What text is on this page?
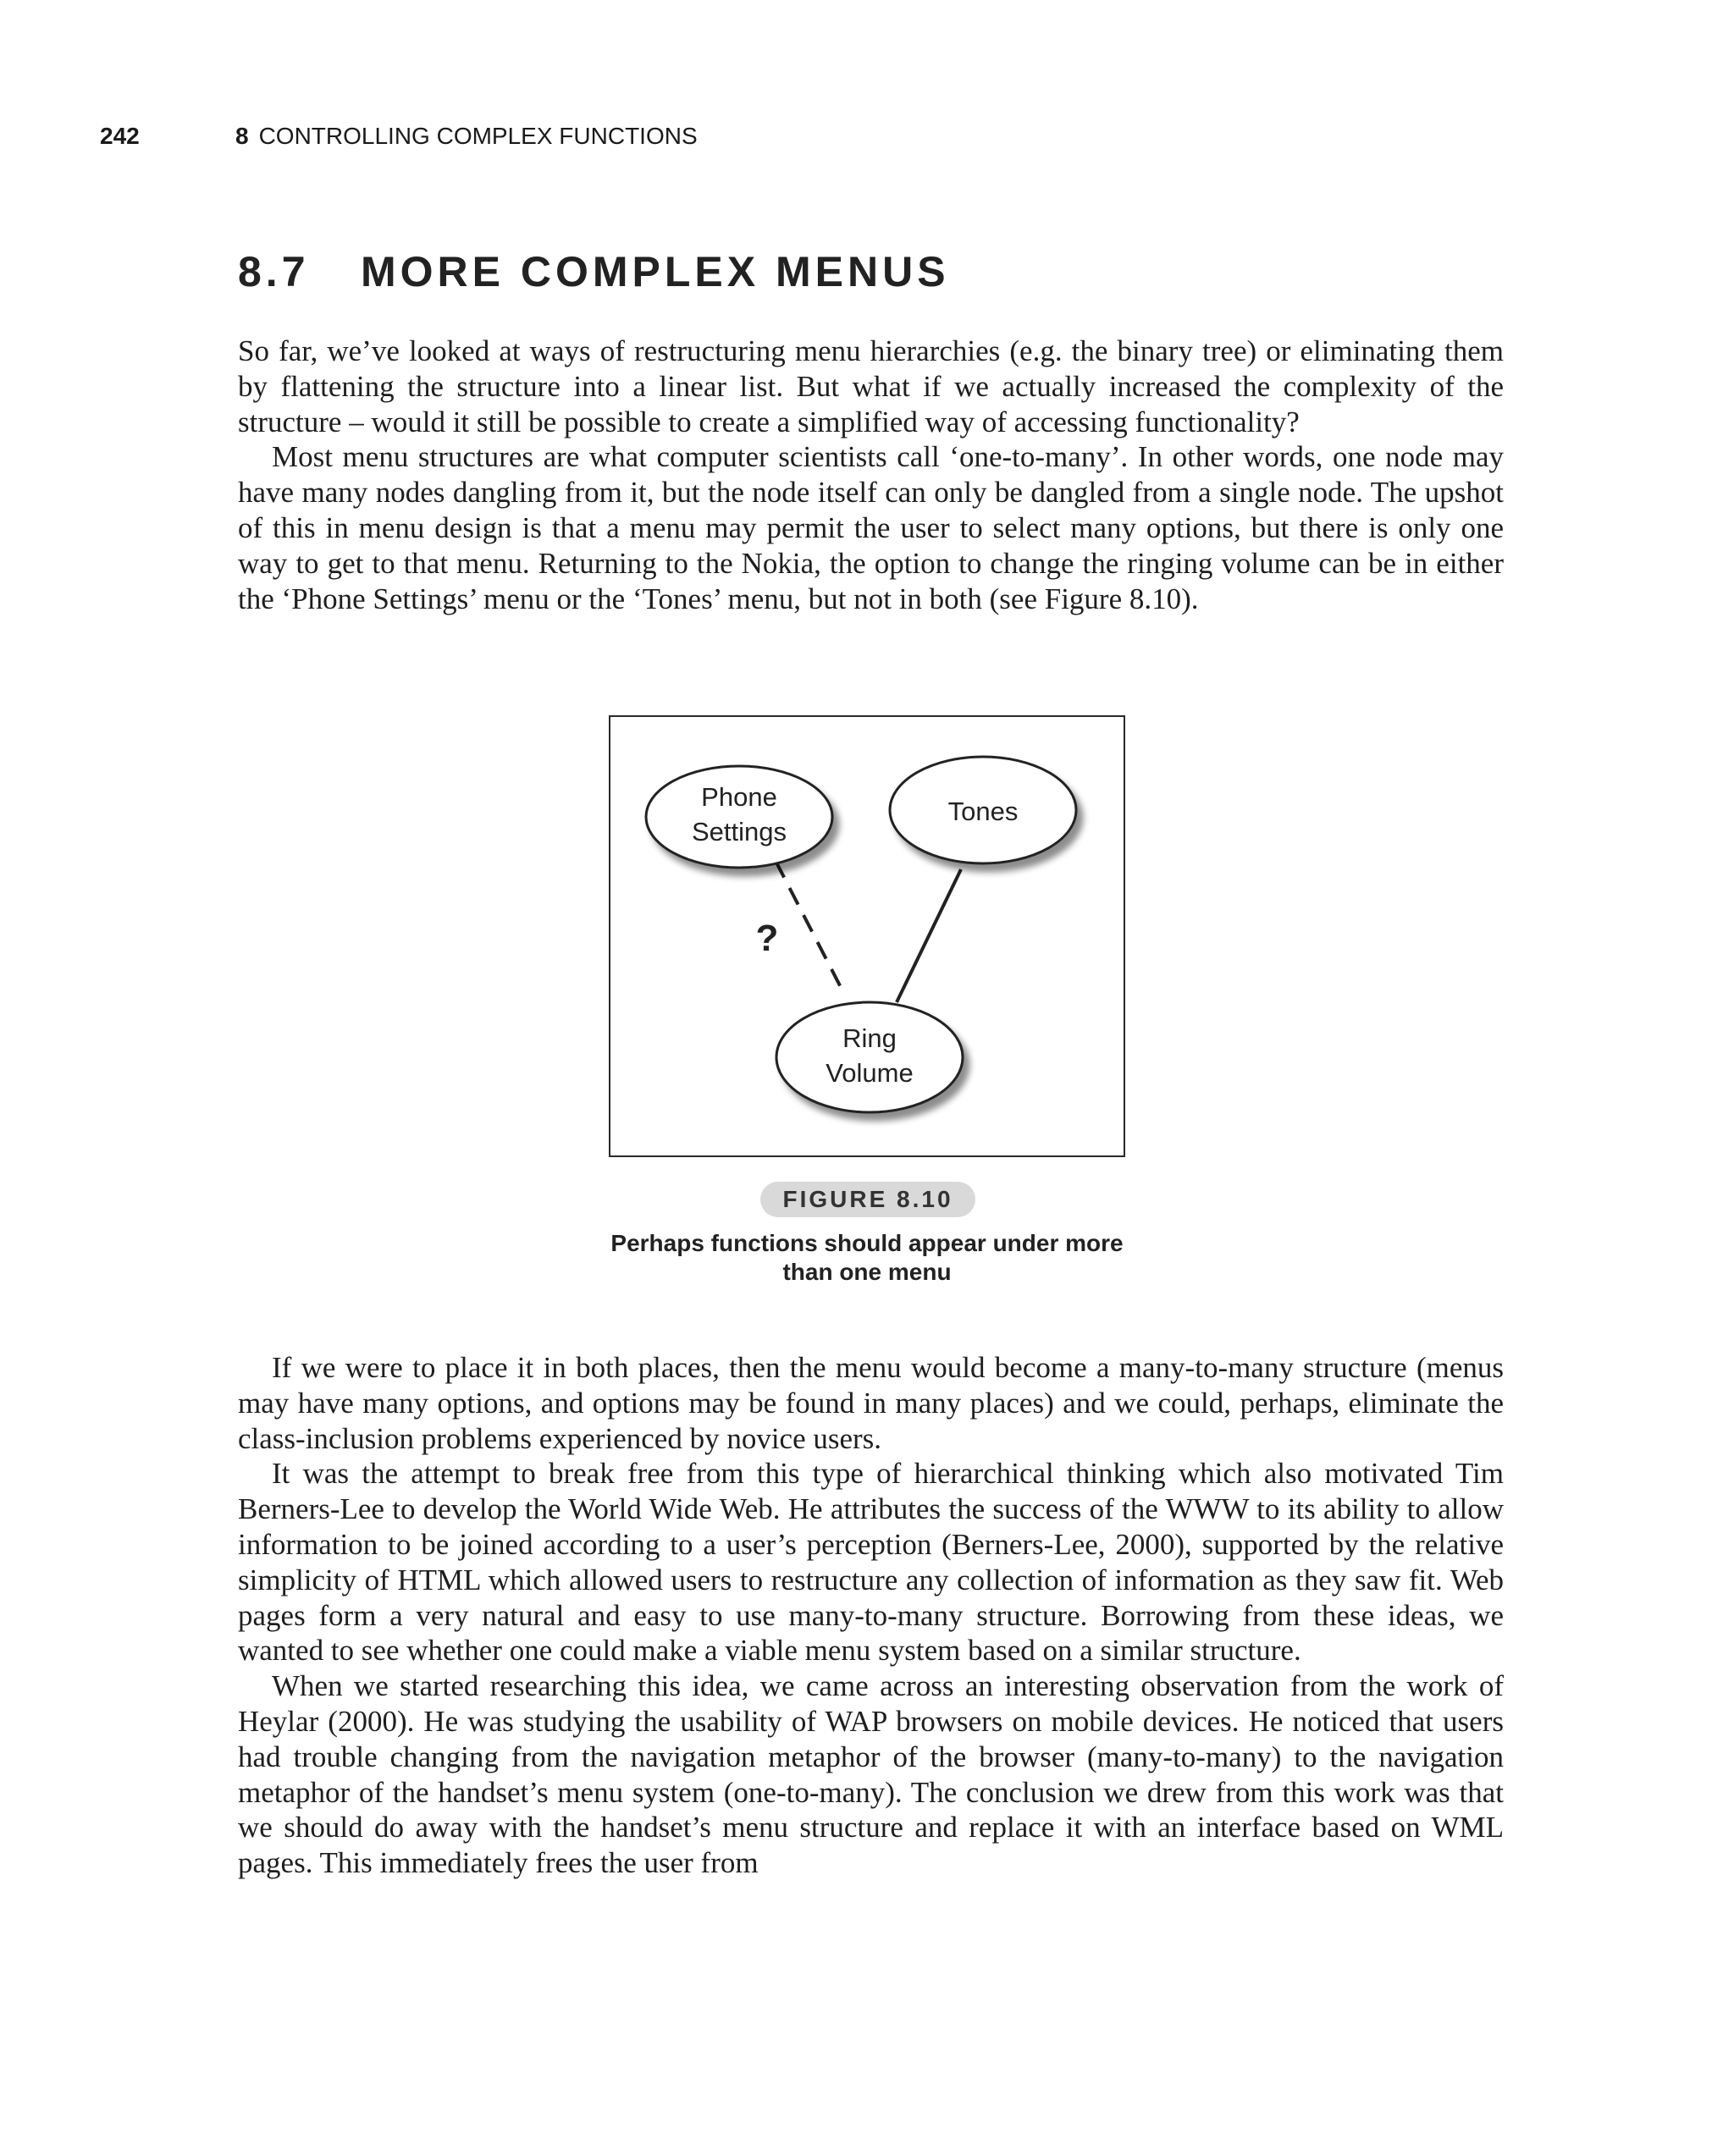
242	8 CONTROLLING COMPLEX FUNCTIONS
8.7 MORE COMPLEX MENUS

So far, we’ve looked at ways of restructuring menu hierarchies (e.g. the binary tree) or eliminating them by flattening the structure into a linear list. But what if we actually increased the complexity of the structure – would it still be possible to create a simplified way of accessing functionality?

Most menu structures are what computer scientists call ‘one-to-many’. In other words, one node may have many nodes dangling from it, but the node itself can only be dangled from a single node. The upshot of this in menu design is that a menu may permit the user to select many options, but there is only one way to get to that menu. Returning to the Nokia, the option to change the ringing volume can be in either the ‘Phone Settings’ menu or the ‘Tones’ menu, but not in both (see Figure 8.10).

Phone
Settings
Tones
Ring
Volume
?
FIGURE 8.10

Perhaps functions should appear under more
than one menu

If we were to place it in both places, then the menu would become a many-to-many structure (menus may have many options, and options may be found in many places) and we could, perhaps, eliminate the class-inclusion problems experienced by novice users.

It was the attempt to break free from this type of hierarchical thinking which also motivated Tim Berners-Lee to develop the World Wide Web. He attributes the success of the WWW to its ability to allow information to be joined according to a user’s perception (Berners-Lee, 2000), supported by the relative simplicity of HTML which allowed users to restructure any collection of information as they saw fit. Web pages form a very natural and easy to use many-to-many structure. Borrowing from these ideas, we wanted to see whether one could make a viable menu system based on a similar structure.

When we started researching this idea, we came across an interesting observation from the work of Heylar (2000). He was studying the usability of WAP browsers on mobile devices. He noticed that users had trouble changing from the navigation metaphor of the browser (many-to-many) to the navigation metaphor of the handset’s menu system (one-to-many). The conclusion we drew from this work was that we should do away with the handset’s menu structure and replace it with an interface based on WML pages. This immediately frees the user from
